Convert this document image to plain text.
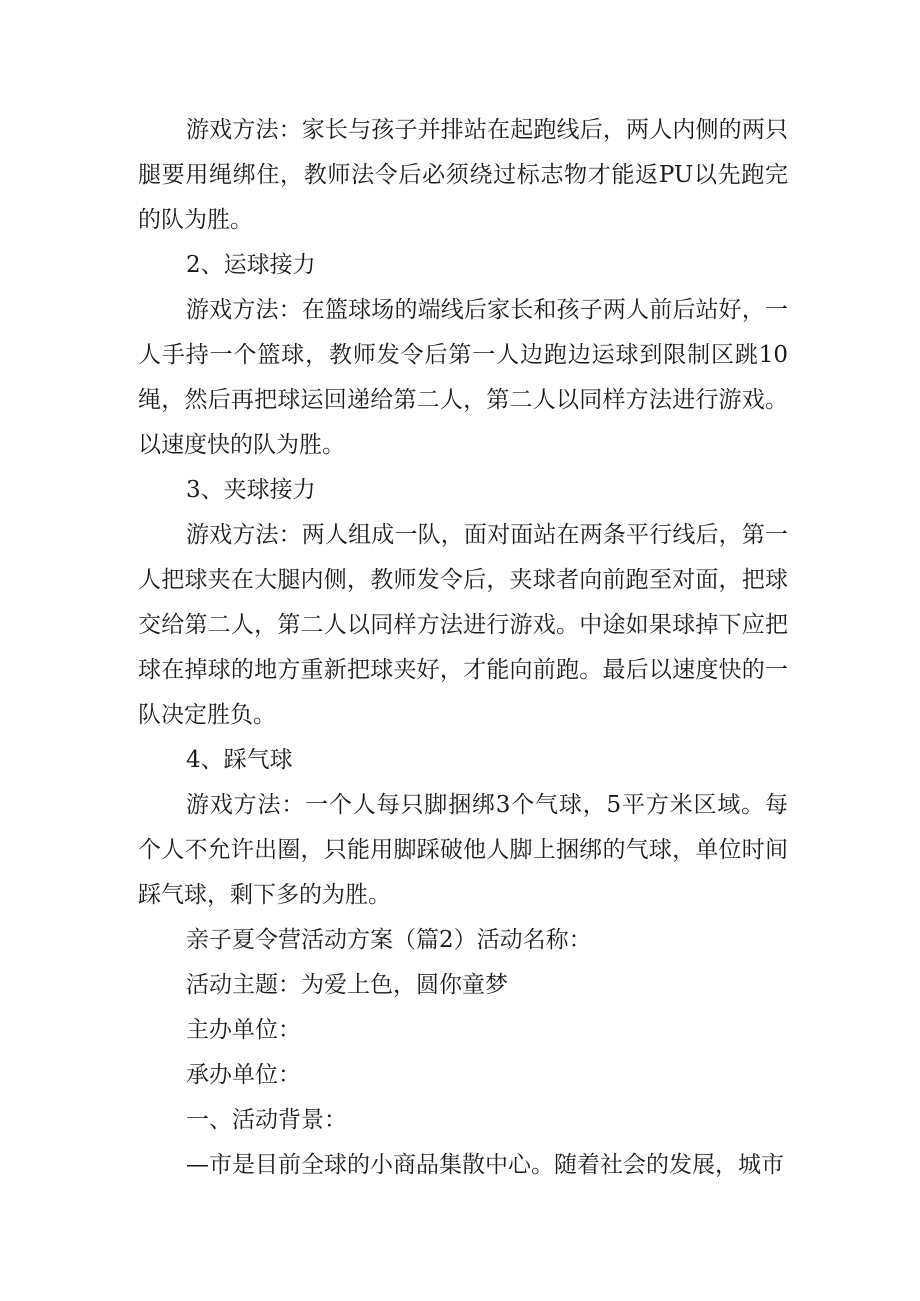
游戏方法：家长与孩子并排站在起跑线后，两人内侧的两只腿要用绳绑住，教师法令后必须绕过标志物才能返PU以先跑完的队为胜。

2、运球接力

游戏方法：在篮球场的端线后家长和孩子两人前后站好，一人手持一个篮球，教师发令后第一人边跑边运球到限制区跳10绳，然后再把球运回递给第二人，第二人以同样方法进行游戏。以速度快的队为胜。

3、夹球接力

游戏方法：两人组成一队，面对面站在两条平行线后，第一人把球夹在大腿内侧，教师发令后，夹球者向前跑至对面，把球交给第二人，第二人以同样方法进行游戏。中途如果球掉下应把球在掉球的地方重新把球夹好，才能向前跑。最后以速度快的一队决定胜负。

4、踩气球

游戏方法：一个人每只脚捆绑3个气球，5平方米区域。每个人不允许出圈，只能用脚踩破他人脚上捆绑的气球，单位时间踩气球，剩下多的为胜。

亲子夏令营活动方案（篇2）活动名称：

活动主题：为爱上色，圆你童梦

主办单位：

承办单位：

一、活动背景：

—市是目前全球的小商品集散中心。随着社会的发展，城市
